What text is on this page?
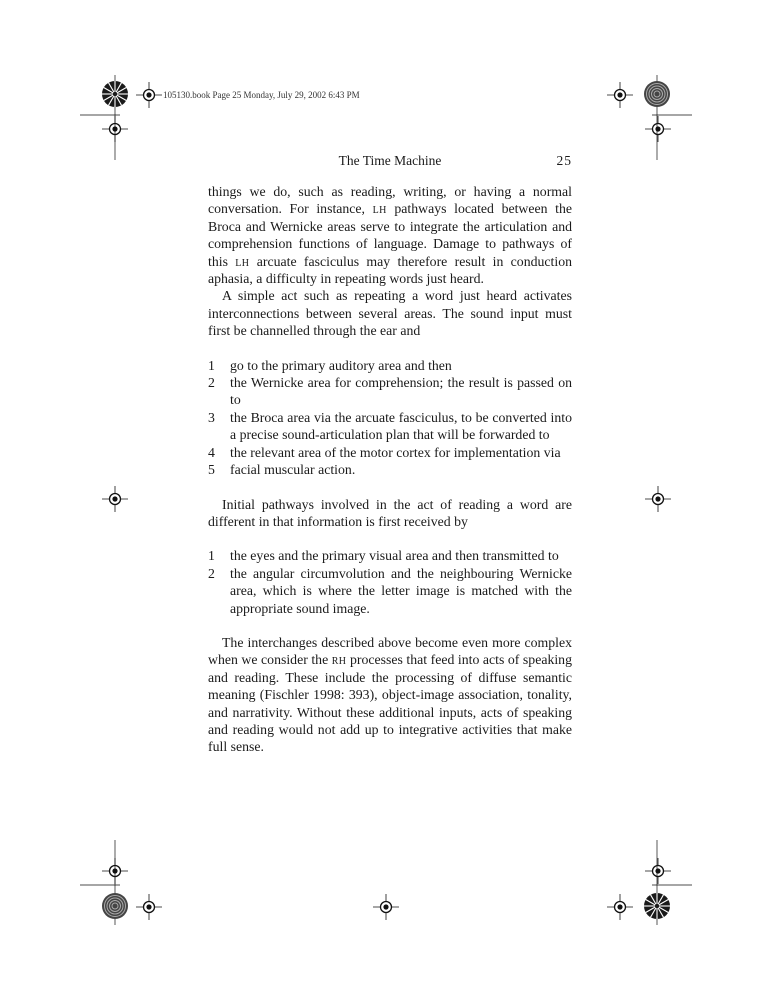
105130.book Page 25 Monday, July 29, 2002 6:43 PM
The Time Machine	25

things we do, such as reading, writing, or having a normal conversation. For instance, lh pathways located between the Broca and Wernicke areas serve to integrate the articulation and comprehension functions of language. Damage to pathways of this lh arcuate fasciculus may therefore result in conduction aphasia, a difficulty in repeating words just heard.

A simple act such as repeating a word just heard activates interconnections between several areas. The sound input must first be channelled through the ear and

1 go to the primary auditory area and then
2 the Wernicke area for comprehension; the result is passed on to
3 the Broca area via the arcuate fasciculus, to be converted into a precise sound-articulation plan that will be forwarded to
4 the relevant area of the motor cortex for implementation via
5 facial muscular action.

Initial pathways involved in the act of reading a word are different in that information is first received by

1 the eyes and the primary visual area and then transmitted to
2 the angular circumvolution and the neighbouring Wernicke area, which is where the letter image is matched with the appropriate sound image.

The interchanges described above become even more complex when we consider the rh processes that feed into acts of speaking and reading. These include the processing of diffuse semantic meaning (Fischler 1998: 393), object-image association, tonality, and narrativity. Without these additional inputs, acts of speaking and reading would not add up to integrative activities that make full sense.
